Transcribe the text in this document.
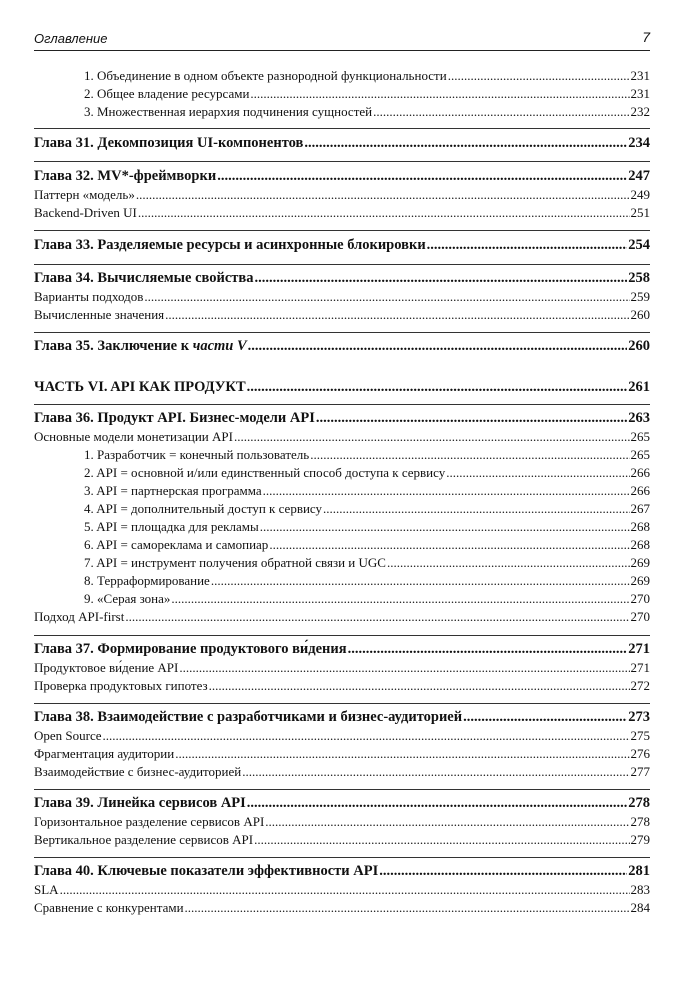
Оглавление	7
1. Объединение в одном объекте разнородной функциональности .....	231
2. Общее владение ресурсами .....	231
3. Множественная иерархия подчинения сущностей .....	232
Глава 31. Декомпозиция UI-компонентов .....	234
Глава 32. MV*-фреймворки .....	247
Паттерн «модель» .....	249
Backend-Driven UI .....	251
Глава 33. Разделяемые ресурсы и асинхронные блокировки .....	254
Глава 34. Вычисляемые свойства .....	258
Варианты подходов .....	259
Вычисленные значения .....	260
Глава 35. Заключение к части V .....	260
ЧАСТЬ VI. API КАК ПРОДУКТ .....	261
Глава 36. Продукт API. Бизнес-модели API .....	263
Основные модели монетизации API .....	265
1. Разработчик = конечный пользователь .....	265
2. API = основной и/или единственный способ доступа к сервису .....	266
3. API = партнерская программа .....	266
4. API = дополнительный доступ к сервису .....	267
5. API = площадка для рекламы .....	268
6. API = самореклама и самопиар .....	268
7. API = инструмент получения обратной связи и UGC .....	269
8. Терраформирование .....	269
9. «Серая зона» .....	270
Подход API-first .....	270
Глава 37. Формирование продуктового ви́дения .....	271
Продуктовое ви́дение API .....	271
Проверка продуктовых гипотез .....	272
Глава 38. Взаимодействие с разработчиками и бизнес-аудиторией .....	273
Open Source .....	275
Фрагментация аудитории .....	276
Взаимодействие с бизнес-аудиторией .....	277
Глава 39. Линейка сервисов API .....	278
Горизонтальное разделение сервисов API .....	278
Вертикальное разделение сервисов API .....	279
Глава 40. Ключевые показатели эффективности API .....	281
SLA .....	283
Сравнение с конкурентами .....	284
